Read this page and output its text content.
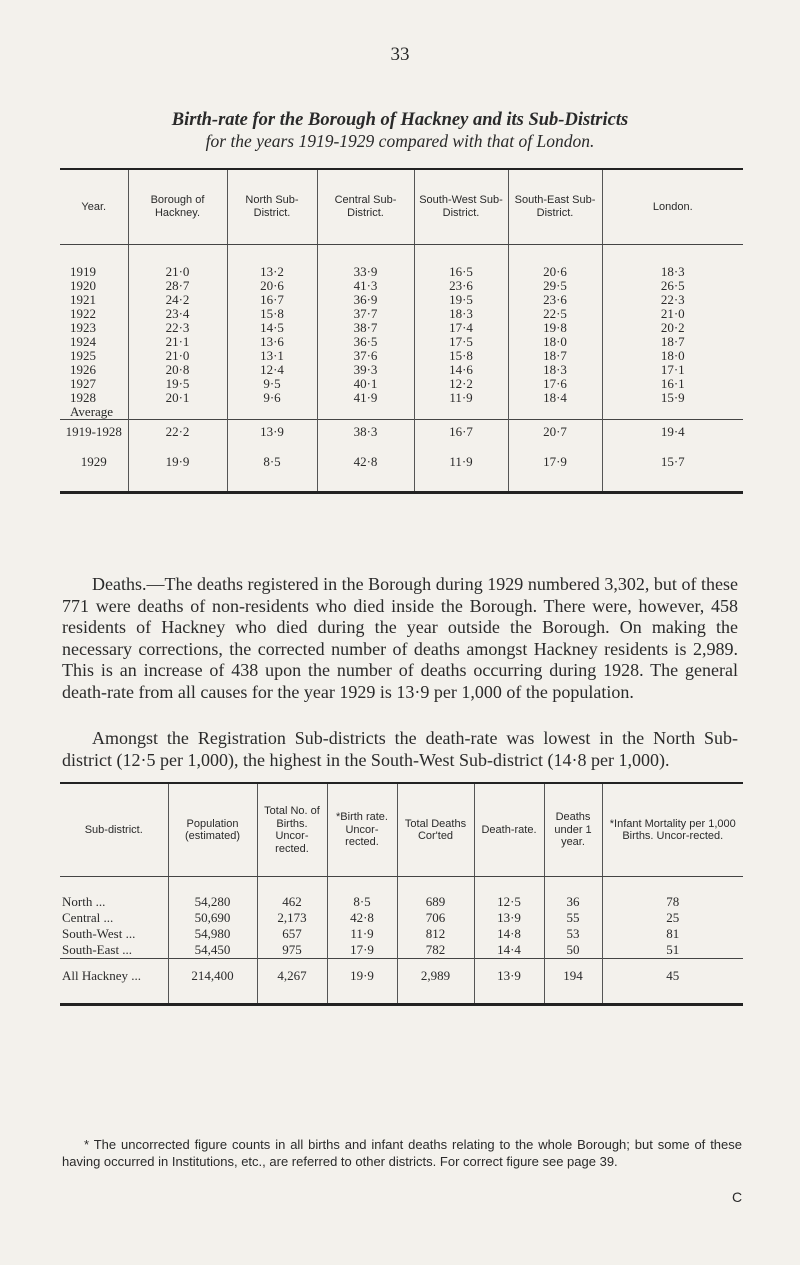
33
Birth-rate for the Borough of Hackney and its Sub-Districts
for the years 1919-1929 compared with that of London.
Year.	Borough of Hackney.	North Sub-District.	Central Sub-District.	South-West Sub-District.	South-East Sub-District.	London.
1919	21·0	13·2	33·9	16·5	20·6	18·3
1920	28·7	20·6	41·3	23·6	29·5	26·5
1921	24·2	16·7	36·9	19·5	23·6	22·3
1922	23·4	15·8	37·7	18·3	22·5	21·0
1923	22·3	14·5	38·7	17·4	19·8	20·2
1924	21·1	13·6	36·5	17·5	18·0	18·7
1925	21·0	13·1	37·6	15·8	18·7	18·0
1926	20·8	12·4	39·3	14·6	18·3	17·1
1927	19·5	9·5	40·1	12·2	17·6	16·1
1928	20·1	9·6	41·9	11·9	18·4	15·9
Average						
1919-1928	22·2	13·9	38·3	16·7	20·7	19·4
1929	19·9	8·5	42·8	11·9	17·9	15·7

Deaths.—The deaths registered in the Borough during 1929 numbered 3,302, but of these 771 were deaths of non-residents who died inside the Borough. There were, however, 458 residents of Hackney who died during the year outside the Borough. On making the necessary corrections, the corrected number of deaths amongst Hackney residents is 2,989. This is an increase of 438 upon the number of deaths occurring during 1928. The general death-rate from all causes for the year 1929 is 13·9 per 1,000 of the population.

Amongst the Registration Sub-districts the death-rate was lowest in the North Sub-district (12·5 per 1,000), the highest in the South-West Sub-district (14·8 per 1,000).

Sub-district.	Population (estimated)	Total No. of Births. Uncor-rected.	*Birth rate. Uncor-rected.	Total Deaths Cor'ted	Death-rate.	Deaths under 1 year.	*Infant Mortality per 1,000 Births. Uncor-rected.
North ...	54,280	462	8·5	689	12·5	36	78
Central ...	50,690	2,173	42·8	706	13·9	55	25
South-West ...	54,980	657	11·9	812	14·8	53	81
South-East ...	54,450	975	17·9	782	14·4	50	51
All Hackney ...	214,400	4,267	19·9	2,989	13·9	194	45

* The uncorrected figure counts in all births and infant deaths relating to the whole Borough; but some of these having occurred in Institutions, etc., are referred to other districts. For correct figure see page 39.

C
